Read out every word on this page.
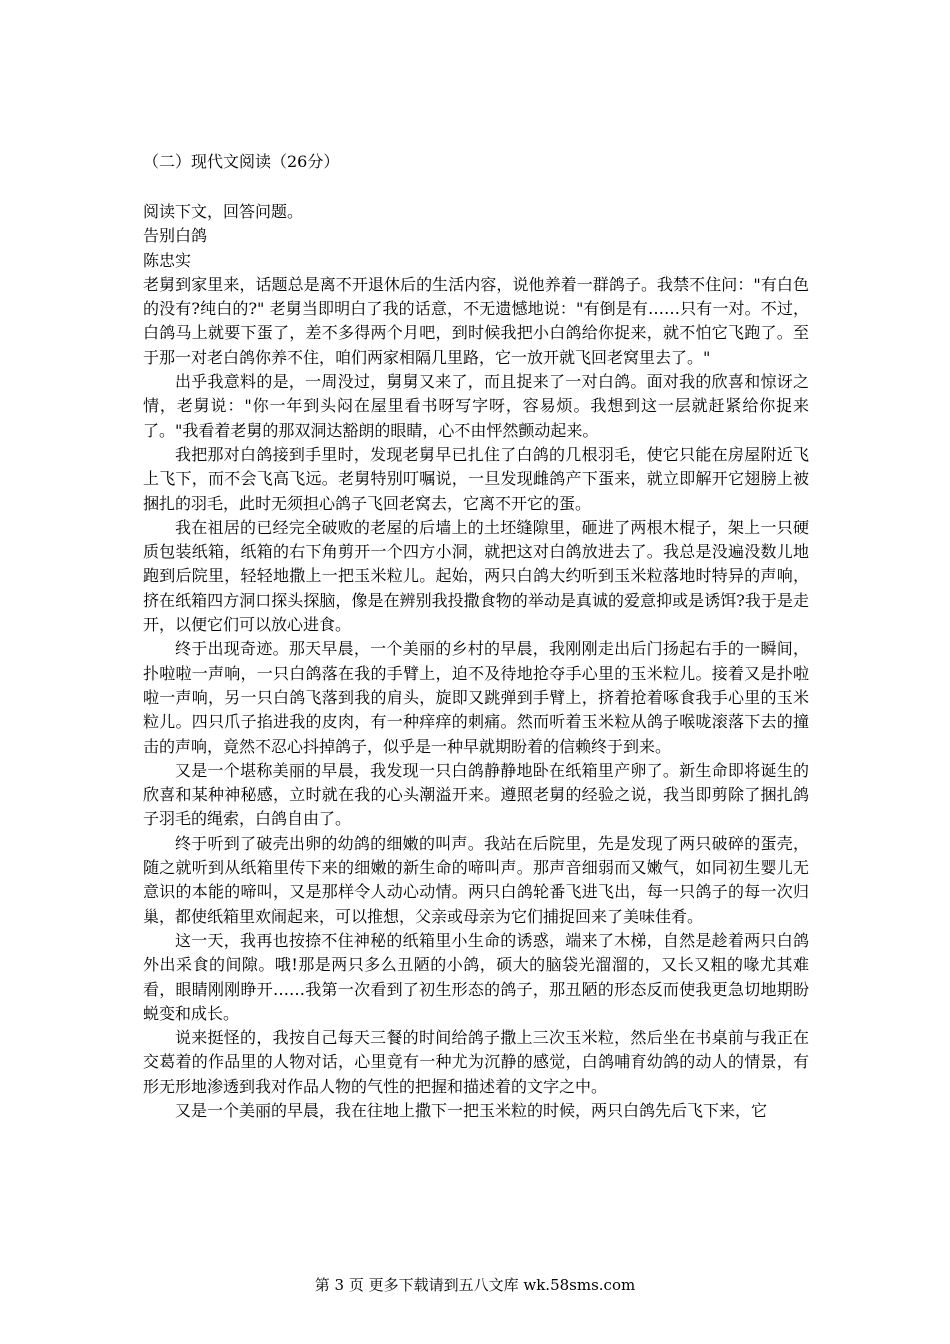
（二）现代文阅读（26分）

阅读下文，回答问题。

告别白鸽

陈忠实

老舅到家里来，话题总是离不开退休后的生活内容，说他养着一群鸽子。我禁不住问："有白色的没有?纯白的?" 老舅当即明白了我的话意，不无遗憾地说："有倒是有……只有一对。不过，白鸽马上就要下蛋了，差不多得两个月吧，到时候我把小白鸽给你捉来，就不怕它飞跑了。至于那一对老白鸽你养不住，咱们两家相隔几里路，它一放开就飞回老窝里去了。"

出乎我意料的是，一周没过，舅舅又来了，而且捉来了一对白鸽。面对我的欣喜和惊讶之情，老舅说："你一年到头闷在屋里看书呀写字呀，容易烦。我想到这一层就赶紧给你捉来了。"我看着老舅的那双洞达豁朗的眼睛，心不由怦然颤动起来。

我把那对白鸽接到手里时，发现老舅早已扎住了白鸽的几根羽毛，使它只能在房屋附近飞上飞下，而不会飞高飞远。老舅特别叮嘱说，一旦发现雌鸽产下蛋来，就立即解开它翅膀上被捆扎的羽毛，此时无须担心鸽子飞回老窝去，它离不开它的蛋。

我在祖居的已经完全破败的老屋的后墙上的土坯缝隙里，砸进了两根木棍子，架上一只硬质包装纸箱，纸箱的右下角剪开一个四方小洞，就把这对白鸽放进去了。我总是没遍没数儿地跑到后院里，轻轻地撒上一把玉米粒儿。起始，两只白鸽大约听到玉米粒落地时特异的声响，挤在纸箱四方洞口探头探脑，像是在辨别我投撒食物的举动是真诚的爱意抑或是诱饵?我于是走开，以便它们可以放心进食。

终于出现奇迹。那天早晨，一个美丽的乡村的早晨，我刚刚走出后门扬起右手的一瞬间，扑啦啦一声响，一只白鸽落在我的手臂上，迫不及待地抢夺手心里的玉米粒儿。接着又是扑啦啦一声响，另一只白鸽飞落到我的肩头，旋即又跳弹到手臂上，挤着抢着啄食我手心里的玉米粒儿。四只爪子掐进我的皮肉，有一种痒痒的刺痛。然而听着玉米粒从鸽子喉咙滚落下去的撞击的声响，竟然不忍心抖掉鸽子，似乎是一种早就期盼着的信赖终于到来。

又是一个堪称美丽的早晨，我发现一只白鸽静静地卧在纸箱里产卵了。新生命即将诞生的欣喜和某种神秘感，立时就在我的心头潮溢开来。遵照老舅的经验之说，我当即剪除了捆扎鸽子羽毛的绳索，白鸽自由了。

终于听到了破壳出卵的幼鸽的细嫩的叫声。我站在后院里，先是发现了两只破碎的蛋壳，随之就听到从纸箱里传下来的细嫩的新生命的啼叫声。那声音细弱而又嫩气，如同初生婴儿无意识的本能的啼叫，又是那样令人动心动情。两只白鸽轮番飞进飞出，每一只鸽子的每一次归巢，都使纸箱里欢闹起来，可以推想，父亲或母亲为它们捕捉回来了美味佳肴。

这一天，我再也按捺不住神秘的纸箱里小生命的诱惑，端来了木梯，自然是趁着两只白鸽外出采食的间隙。哦!那是两只多么丑陋的小鸽，硕大的脑袋光溜溜的，又长又粗的喙尤其难看，眼睛刚刚睁开……我第一次看到了初生形态的鸽子，那丑陋的形态反而使我更急切地期盼蜕变和成长。

说来挺怪的，我按自己每天三餐的时间给鸽子撒上三次玉米粒，然后坐在书桌前与我正在交葛着的作品里的人物对话，心里竟有一种尤为沉静的感觉，白鸽哺育幼鸽的动人的情景，有形无形地渗透到我对作品人物的气性的把握和描述着的文字之中。

又是一个美丽的早晨，我在往地上撒下一把玉米粒的时候，两只白鸽先后飞下来，它

第 3 页 更多下载请到五八文库 wk.58sms.com
